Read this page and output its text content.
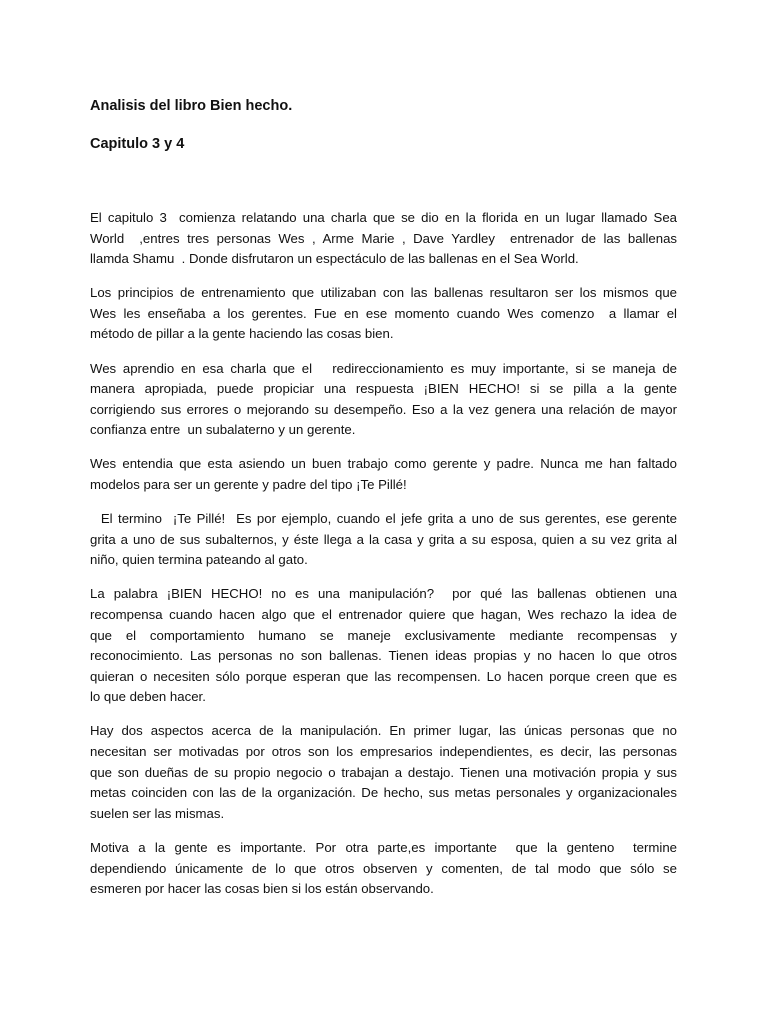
Analisis del libro Bien hecho.
Capitulo 3 y 4

El capitulo 3  comienza relatando una charla que se dio en la florida en un lugar llamado Sea
World  ,entres tres personas Wes , Arme Marie , Dave Yardley  entrenador de las ballenas
llamda Shamu  . Donde disfrutaron un espectáculo de las ballenas en el Sea World.

Los principios de entrenamiento que utilizaban con las ballenas resultaron ser los mismos que
Wes les enseñaba a los gerentes. Fue en ese momento cuando Wes comenzo  a llamar el
método de pillar a la gente haciendo las cosas bien.

Wes aprendio en esa charla que el   redireccionamiento es muy importante, si se maneja de
manera apropiada, puede propiciar una respuesta ¡BIEN HECHO! si se pilla a la gente
corrigiendo sus errores o mejorando su desempeño. Eso a la vez genera una relación de mayor
confianza entre  un subalaterno y un gerente.

Wes entendia que esta asiendo un buen trabajo como gerente y padre. Nunca me han faltado
modelos para ser un gerente y padre del tipo ¡Te Pillé!

El termino  ¡Te Pillé!  Es por ejemplo, cuando el jefe grita a uno de sus gerentes, ese gerente
grita a uno de sus subalternos, y éste llega a la casa y grita a su esposa, quien a su vez grita al
niño, quien termina pateando al gato.

La palabra ¡BIEN HECHO! no es una manipulación?  por qué las ballenas obtienen una
recompensa cuando hacen algo que el entrenador quiere que hagan, Wes rechazo la idea de
que el comportamiento humano se maneje exclusivamente mediante recompensas y
reconocimiento. Las personas no son ballenas. Tienen ideas propias y no hacen lo que otros
quieran o necesiten sólo porque esperan que las recompensen. Lo hacen porque creen que es
lo que deben hacer.

Hay dos aspectos acerca de la manipulación. En primer lugar, las únicas personas que no
necesitan ser motivadas por otros son los empresarios independientes, es decir, las personas
que son dueñas de su propio negocio o trabajan a destajo. Tienen una motivación propia y sus
metas coinciden con las de la organización. De hecho, sus metas personales y organizacionales
suelen ser las mismas.

Motiva a la gente es importante. Por otra parte,es importante  que la genteno  termine
dependiendo únicamente de lo que otros observen y comenten, de tal modo que sólo se
esmeren por hacer las cosas bien si los están observando.
